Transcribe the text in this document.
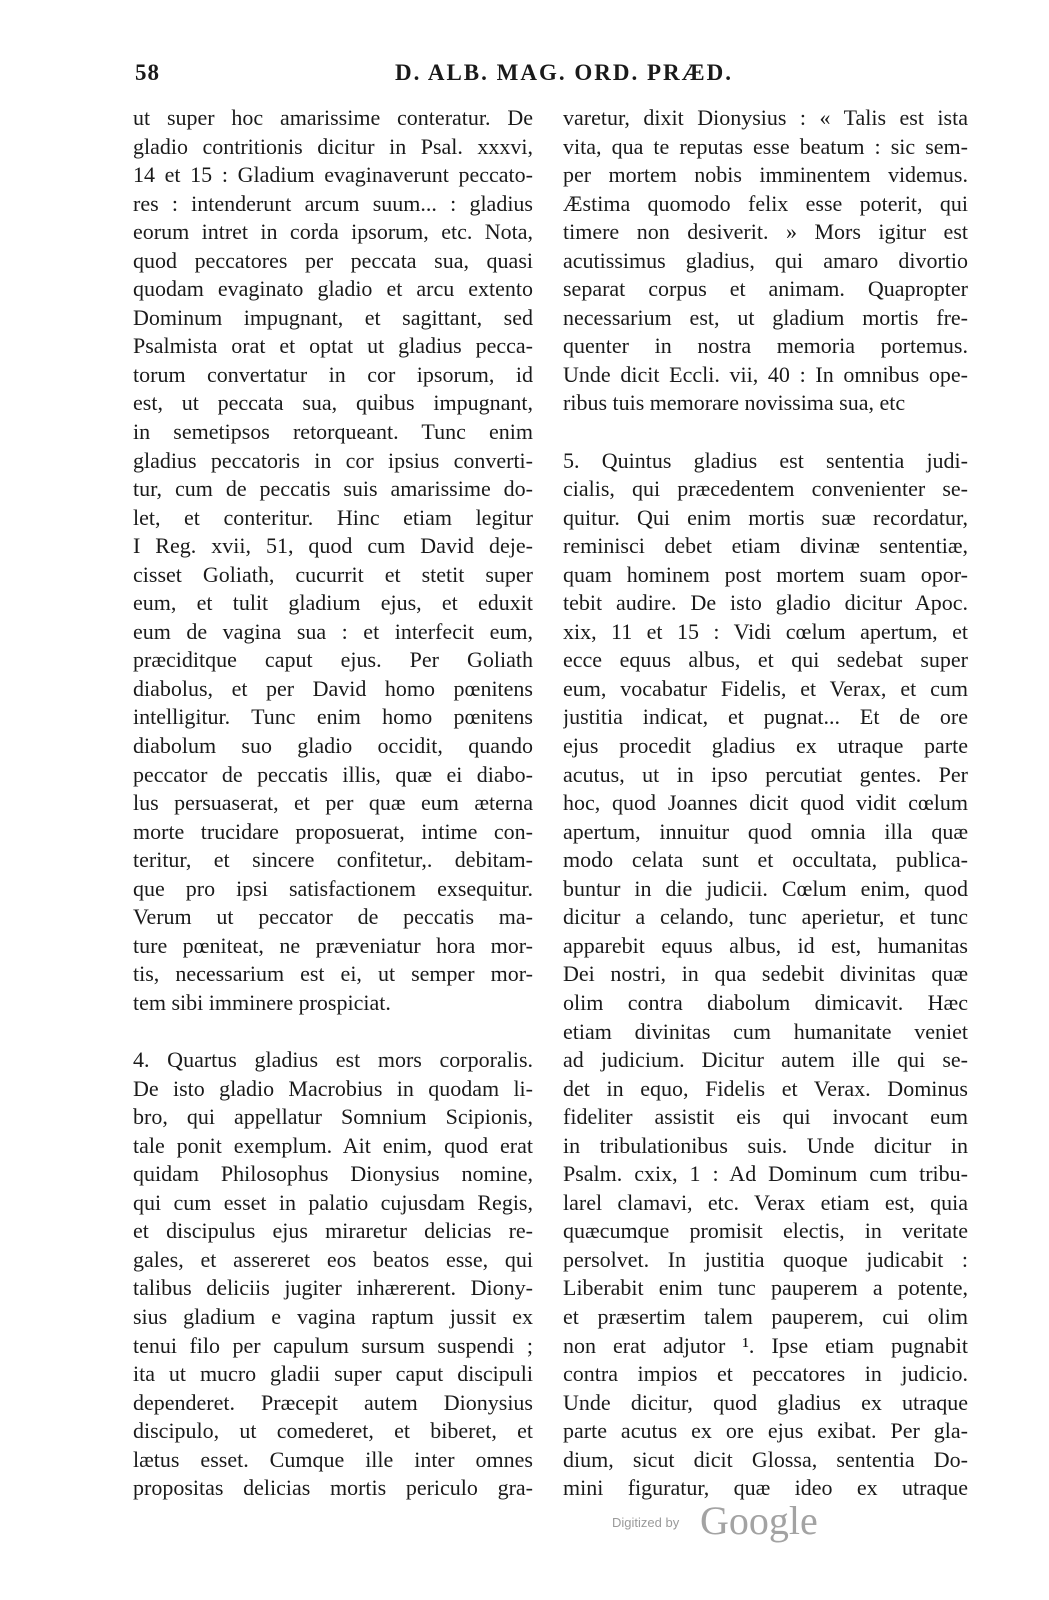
58	D. ALB. MAG. ORD. PRÆD.
ut super hoc amarissime conteratur. De
gladio contritionis dicitur in Psal. xxxvi,
14 et 15 : Gladium evaginaverunt peccato-
res : intenderunt arcum suum... : gladius
eorum intret in corda ipsorum, etc. Nota,
quod peccatores per peccata sua, quasi
quodam evaginato gladio et arcu extento
Dominum impugnant, et sagittant, sed
Psalmista orat et optat ut gladius pecca-
torum convertatur in cor ipsorum, id
est, ut peccata sua, quibus impugnant,
in semetipsos retorqueant. Tunc enim
gladius peccatoris in cor ipsius converti-
tur, cum de peccatis suis amarissime do-
let, et conteritur. Hinc etiam legitur
I Reg. xvii, 51, quod cum David deje-
cisset Goliath, cucurrit et stetit super
eum, et tulit gladium ejus, et eduxit
eum de vagina sua : et interfecit eum,
præciditque caput ejus. Per Goliath
diabolus, et per David homo pœnitens
intelligitur. Tunc enim homo pœnitens
diabolum suo gladio occidit, quando
peccator de peccatis illis, quæ ei diabo-
lus persuaserat, et per quæ eum æterna
morte trucidare proposuerat, intime con-
teritur, et sincere confitetur,. debitam-
que pro ipsi satisfactionem exsequitur.
Verum ut peccator de peccatis ma-
ture pœniteat, ne præveniatur hora mor-
tis, necessarium est ei, ut semper mor-
tem sibi imminere prospiciat.
4. Quartus gladius est mors corporalis.
De isto gladio Macrobius in quodam li-
bro, qui appellatur Somnium Scipionis,
tale ponit exemplum. Ait enim, quod erat
quidam Philosophus Dionysius nomine,
qui cum esset in palatio cujusdam Regis,
et discipulus ejus miraretur delicias re-
gales, et assereret eos beatos esse, qui
talibus deliciis jugiter inhærerent. Diony-
sius gladium e vagina raptum jussit ex
tenui filo per capulum sursum suspendi ;
ita ut mucro gladii super caput discipuli
dependeret. Præcepit autem Dionysius
discipulo, ut comederet, et biberet, et
lætus esset. Cumque ille inter omnes
propositas delicias mortis periculo gra-
varetur, dixit Dionysius : « Talis est ista
vita, qua te reputas esse beatum : sic sem-
per mortem nobis imminentem videmus.
Æstima quomodo felix esse poterit, qui
timere non desiverit. » Mors igitur est
acutissimus gladius, qui amaro divortio
separat corpus et animam. Quapropter
necessarium est, ut gladium mortis fre-
quenter in nostra memoria portemus.
Unde dicit Eccli. vii, 40 : In omnibus ope-
ribus tuis memorare novissima sua, etc
5. Quintus gladius est sententia judi-
cialis, qui præcedentem convenienter se-
quitur. Qui enim mortis suæ recordatur,
reminisci debet etiam divinæ sententiæ,
quam hominem post mortem suam opor-
tebit audire. De isto gladio dicitur Apoc.
xix, 11 et 15 : Vidi cœlum apertum, et
ecce equus albus, et qui sedebat super
eum, vocabatur Fidelis, et Verax, et cum
justitia indicat, et pugnat... Et de ore
ejus procedit gladius ex utraque parte
acutus, ut in ipso percutiat gentes. Per
hoc, quod Joannes dicit quod vidit cœlum
apertum, innuitur quod omnia illa quæ
modo celata sunt et occultata, publica-
buntur in die judicii. Cœlum enim, quod
dicitur a celando, tunc aperietur, et tunc
apparebit equus albus, id est, humanitas
Dei nostri, in qua sedebit divinitas quæ
olim contra diabolum dimicavit. Hæc
etiam divinitas cum humanitate veniet
ad judicium. Dicitur autem ille qui se-
det in equo, Fidelis et Verax. Dominus
fideliter assistit eis qui invocant eum
in tribulationibus suis. Unde dicitur in
Psalm. cxix, 1 : Ad Dominum cum tribu-
larel clamavi, etc. Verax etiam est, quia
quæcumque promisit electis, in veritate
persolvet. In justitia quoque judicabit :
Liberabit enim tunc pauperem a potente,
et præsertim talem pauperem, cui olim
non erat adjutor ¹. Ipse etiam pugnabit
contra impios et peccatores in judicio.
Unde dicitur, quod gladius ex utraque
parte acutus ex ore ejus exibat. Per gla-
dium, sicut dicit Glossa, sententia Do-
mini figuratur, quæ ideo ex utraque
Digitized by Google
